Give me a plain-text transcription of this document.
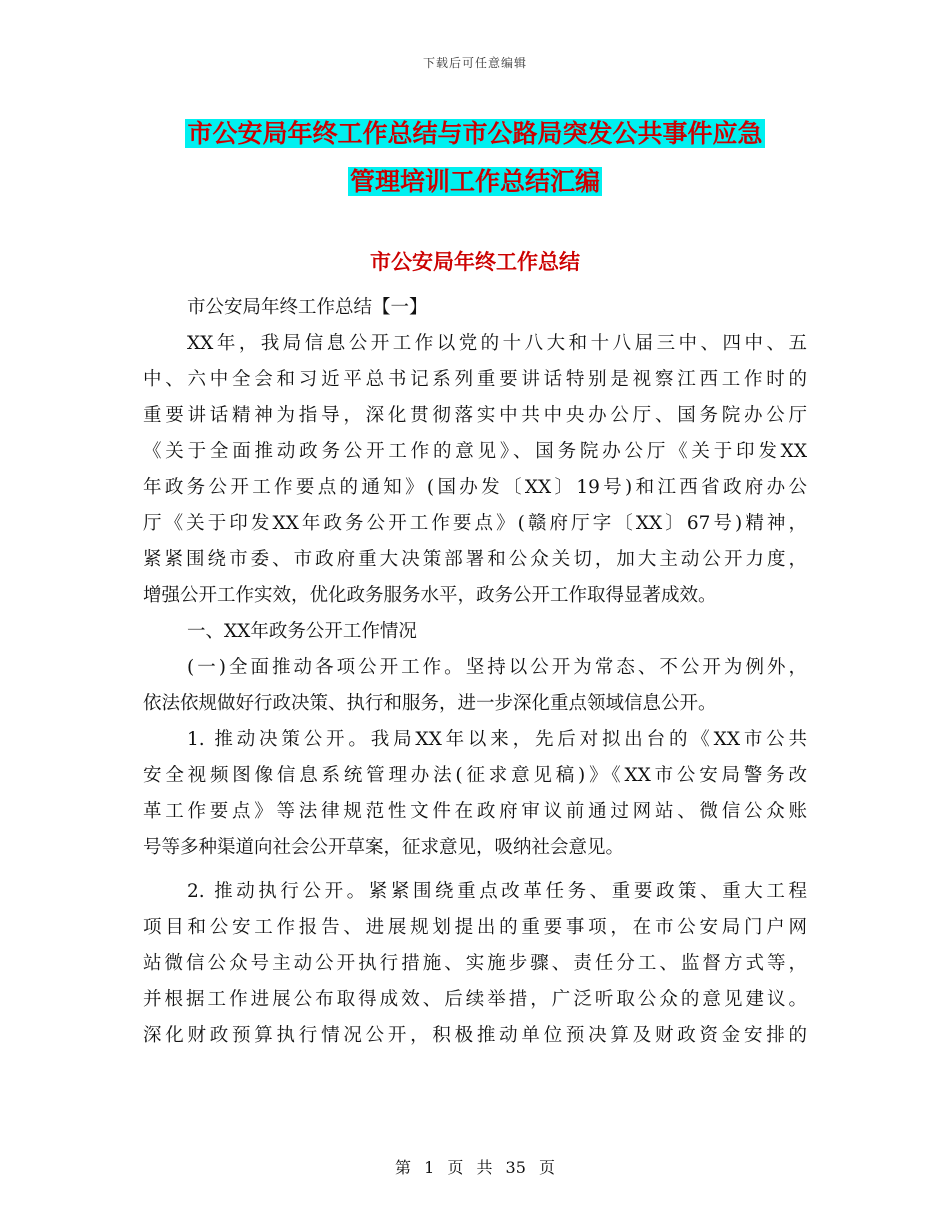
下载后可任意编辑
市公安局年终工作总结与市公路局突发公共事件应急
管理培训工作总结汇编
市公安局年终工作总结
市公安局年终工作总结【一】
XX年，我局信息公开工作以党的十八大和十八届三中、四中、五
中、六中全会和习近平总书记系列重要讲话特别是视察江西工作时的
重要讲话精神为指导，深化贯彻落实中共中央办公厅、国务院办公厅
《关于全面推动政务公开工作的意见》、国务院办公厅《关于印发XX
年政务公开工作要点的通知》(国办发〔XX〕19号)和江西省政府办公
厅《关于印发XX年政务公开工作要点》(赣府厅字〔XX〕67号)精神，
紧紧围绕市委、市政府重大决策部署和公众关切，加大主动公开力度，
增强公开工作实效，优化政务服务水平，政务公开工作取得显著成效。
一、XX年政务公开工作情况
(一)全面推动各项公开工作。坚持以公开为常态、不公开为例外，
依法依规做好行政决策、执行和服务，进一步深化重点领域信息公开。
1. 推动决策公开。我局XX年以来，先后对拟出台的《XX市公共
安全视频图像信息系统管理办法(征求意见稿)》《XX市公安局警务改
革工作要点》等法律规范性文件在政府审议前通过网站、微信公众账
号等多种渠道向社会公开草案，征求意见，吸纳社会意见。
2. 推动执行公开。紧紧围绕重点改革任务、重要政策、重大工程
项目和公安工作报告、进展规划提出的重要事项，在市公安局门户网
站微信公众号主动公开执行措施、实施步骤、责任分工、监督方式等，
并根据工作进展公布取得成效、后续举措，广泛听取公众的意见建议。
深化财政预算执行情况公开，积极推动单位预决算及财政资金安排的
第 1 页 共 35 页
